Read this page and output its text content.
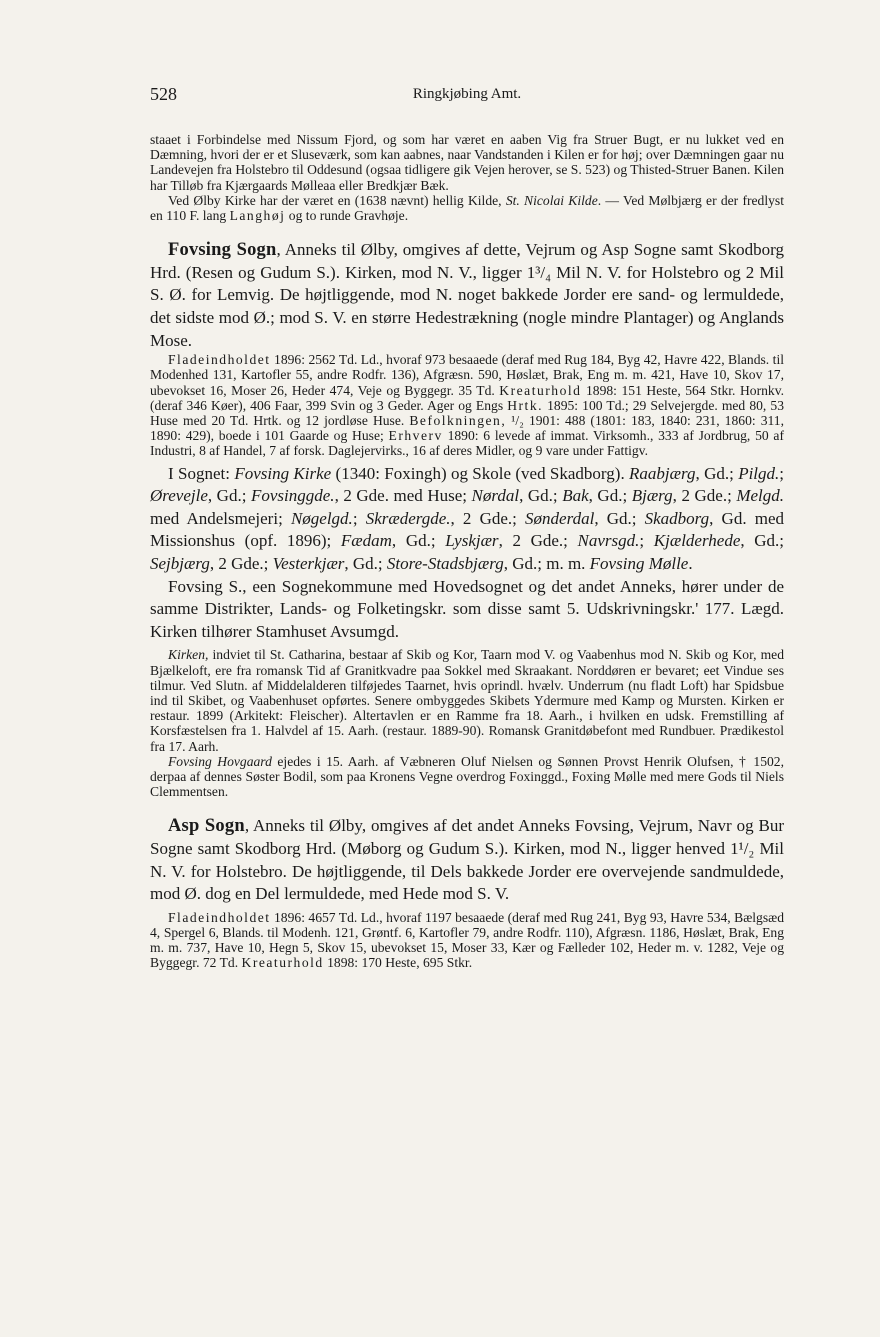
528	Ringkjøbing Amt.

staaet i Forbindelse med Nissum Fjord, og som har været en aaben Vig fra Struer Bugt, er nu lukket ved en Dæmning, hvori der er et Sluseværk, som kan aabnes, naar Vandstanden i Kilen er for høj; over Dæmningen gaar nu Landevejen fra Holstebro til Oddesund (ogsaa tidligere gik Vejen herover, se S. 523) og Thisted-Struer Banen. Kilen har Tilløb fra Kjærgaards Mølleaa eller Bredkjær Bæk.

Ved Ølby Kirke har der været en (1638 nævnt) hellig Kilde, St. Nicolai Kilde. — Ved Mølbjærg er der fredlyst en 110 F. lang Langhøj og to runde Gravhøje.

Fovsing Sogn, Anneks til Ølby, omgives af dette, Vejrum og Asp Sogne samt Skodborg Hrd. (Resen og Gudum S.). Kirken, mod N. V., ligger 1³/₄ Mil N. V. for Holstebro og 2 Mil S. Ø. for Lemvig. De højtliggende, mod N. noget bakkede Jorder ere sand- og lermuldede, det sidste mod Ø.; mod S. V. en større Hedestrækning (nogle mindre Plantager) og Anglands Mose.

Fladeindholdet 1896: 2562 Td. Ld., hvoraf 973 besaaede (deraf med Rug 184, Byg 42, Havre 422, Blands. til Modenhed 131, Kartofler 55, andre Rodfr. 136), Afgræsn. 590, Høslæt, Brak, Eng m. m. 421, Have 10, Skov 17, ubevokset 16, Moser 26, Heder 474, Veje og Byggegr. 35 Td. Kreaturhold 1898: 151 Heste, 564 Stkr. Hornkv. (deraf 346 Køer), 406 Faar, 399 Svin og 3 Geder. Ager og Engs Hrtk. 1895: 100 Td.; 29 Selvejergde. med 80, 53 Huse med 20 Td. Hrtk. og 12 jordløse Huse. Befolkningen, ¹/₂ 1901: 488 (1801: 183, 1840: 231, 1860: 311, 1890: 429), boede i 101 Gaarde og Huse; Erhverv 1890: 6 levede af immat. Virksomh., 333 af Jordbrug, 50 af Industri, 8 af Handel, 7 af forsk. Daglejervirks., 16 af deres Midler, og 9 vare under Fattigv.

I Sognet: Fovsing Kirke (1340: Foxingh) og Skole (ved Skadborg). Raabjærg, Gd.; Pilgd.; Ørevejle, Gd.; Fovsinggde., 2 Gde. med Huse; Nørdal, Gd.; Bak, Gd.; Bjærg, 2 Gde.; Melgd. med Andelsmejeri; Nøgelgd.; Skrædergde., 2 Gde.; Sønderdal, Gd.; Skadborg, Gd. med Missionshus (opf. 1896); Fædam, Gd.; Lyskjær, 2 Gde.; Navrsgd.; Kjælderhede, Gd.; Sejbjærg, 2 Gde.; Vesterkjær, Gd.; Store-Stadsbjærg, Gd.; m. m. Fovsing Mølle.

Fovsing S., een Sognekommune med Hovedsognet og det andet Anneks, hører under de samme Distrikter, Lands- og Folketingskr. som disse samt 5. Udskrivningskr.' 177. Lægd. Kirken tilhører Stamhuset Avsumgd.

Kirken, indviet til St. Catharina, bestaar af Skib og Kor, Taarn mod V. og Vaabenhus mod N. Skib og Kor, med Bjælkeloft, ere fra romansk Tid af Granitkvadre paa Sokkel med Skraakant. Norddøren er bevaret; eet Vindue ses tilmur. Ved Slutn. af Middelalderen tilføjedes Taarnet, hvis oprindl. hvælv. Underrum (nu fladt Loft) har Spidsbue ind til Skibet, og Vaabenhuset opførtes. Senere ombyggedes Skibets Ydermure med Kamp og Mursten. Kirken er restaur. 1899 (Arkitekt: Fleischer). Altertavlen er en Ramme fra 18. Aarh., i hvilken en udsk. Fremstilling af Korsfæstelsen fra 1. Halvdel af 15. Aarh. (restaur. 1889-90). Romansk Granitdøbefont med Rundbuer. Prædikestol fra 17. Aarh.

Fovsing Hovgaard ejedes i 15. Aarh. af Væbneren Oluf Nielsen og Sønnen Provst Henrik Olufsen, † 1502, derpaa af dennes Søster Bodil, som paa Kronens Vegne overdrog Foxinggd., Foxing Mølle med mere Gods til Niels Clemmentsen.

Asp Sogn, Anneks til Ølby, omgives af det andet Anneks Fovsing, Vejrum, Navr og Bur Sogne samt Skodborg Hrd. (Møborg og Gudum S.). Kirken, mod N., ligger henved 1¹/₂ Mil N. V. for Holstebro. De højtliggende, til Dels bakkede Jorder ere overvejende sandmuldede, mod Ø. dog en Del lermuldede, med Hede mod S. V.

Fladeindholdet 1896: 4657 Td. Ld., hvoraf 1197 besaaede (deraf med Rug 241, Byg 93, Havre 534, Bælgsæd 4, Spergel 6, Blands. til Modenh. 121, Grøntf. 6, Kartofler 79, andre Rodfr. 110), Afgræsn. 1186, Høslæt, Brak, Eng m. m. 737, Have 10, Hegn 5, Skov 15, ubevokset 15, Moser 33, Kær og Fælleder 102, Heder m. v. 1282, Veje og Byggegr. 72 Td. Kreaturhold 1898: 170 Heste, 695 Stkr.
